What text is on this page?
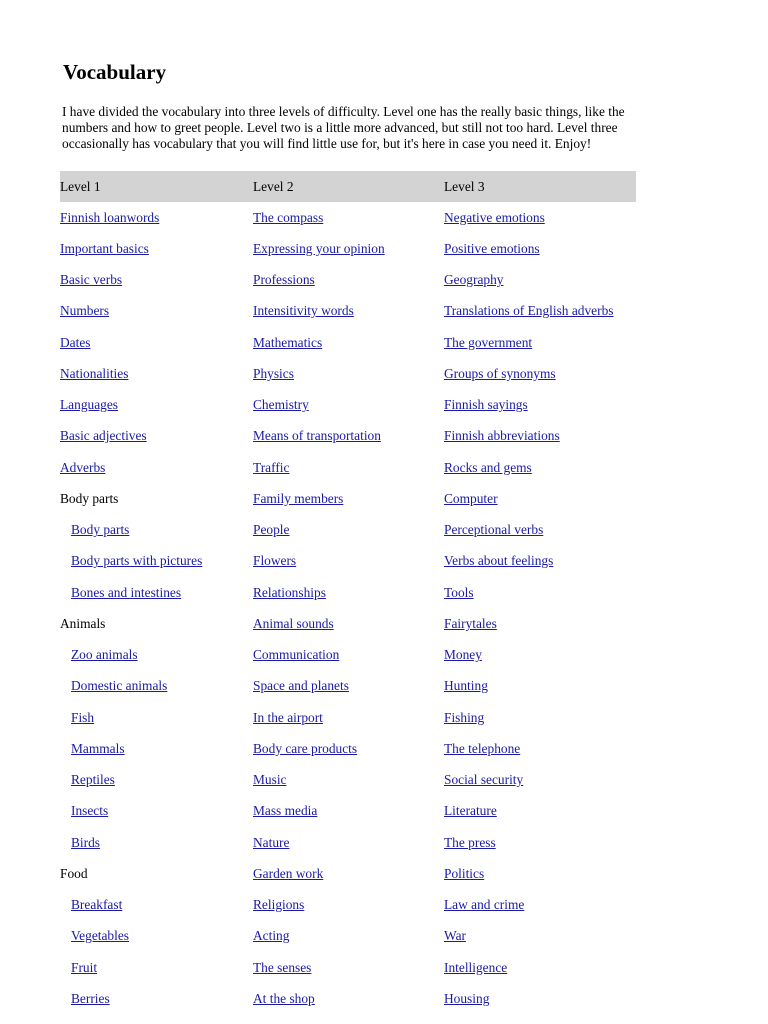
Vocabulary

I have divided the vocabulary into three levels of difficulty. Level one has the really basic things, like the numbers and how to greet people. Level two is a little more advanced, but still not too hard. Level three occasionally has vocabulary that you will find little use for, but it's here in case you need it. Enjoy!

Level 1	Level 2	Level 3
Finnish loanwords	The compass	Negative emotions
Important basics	Expressing your opinion	Positive emotions
Basic verbs	Professions	Geography
Numbers	Intensitivity words	Translations of English adverbs
Dates	Mathematics	The government
Nationalities	Physics	Groups of synonyms
Languages	Chemistry	Finnish sayings
Basic adjectives	Means of transportation	Finnish abbreviations
Adverbs	Traffic	Rocks and gems
Body parts	Family members	Computer
Body parts	People	Perceptional verbs
Body parts with pictures	Flowers	Verbs about feelings
Bones and intestines	Relationships	Tools
Animals	Animal sounds	Fairytales
Zoo animals	Communication	Money
Domestic animals	Space and planets	Hunting
Fish	In the airport	Fishing
Mammals	Body care products	The telephone
Reptiles	Music	Social security
Insects	Mass media	Literature
Birds	Nature	The press
Food	Garden work	Politics
Breakfast	Religions	Law and crime
Vegetables	Acting	War
Fruit	The senses	Intelligence
Berries	At the shop	Housing
